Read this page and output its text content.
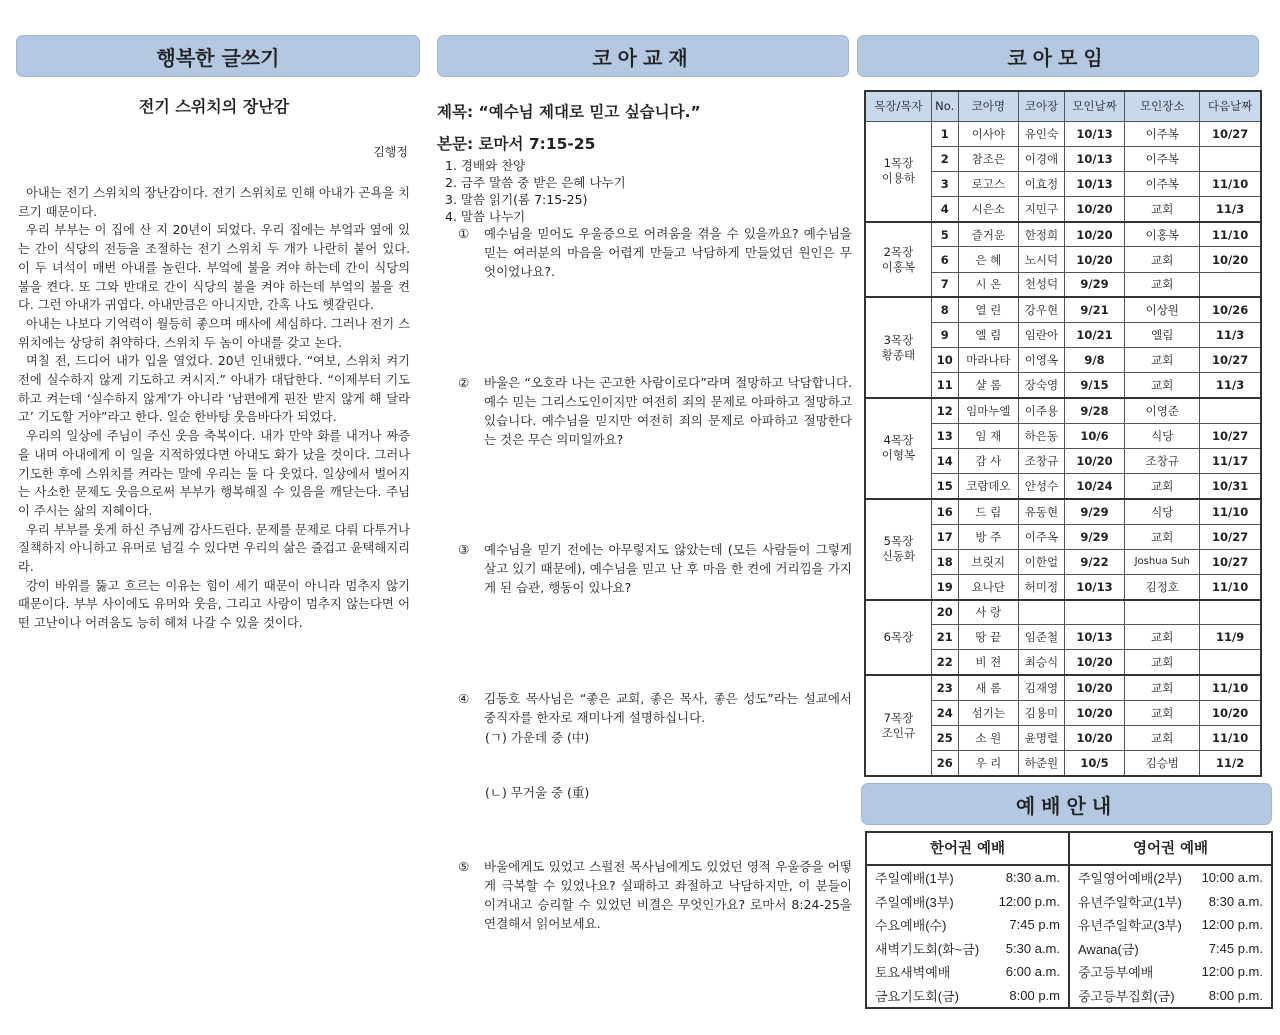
행복한 글쓰기	코아교재	코아모임
예배안내
전기 스위치의 장난감
김행정

아내는 전기 스위치의 장난감이다. 전기 스위치로 인해 아내가 곤욕을 치르기 때문이다.

우리 부부는 이 집에 산 지 20년이 되었다. 우리 집에는 부엌과 옆에 있는 간이 식당의 전등을 조절하는 전기 스위치 두 개가 나란히 붙어 있다. 이 두 녀석이 매번 아내를 놀린다. 부엌에 불을 켜야 하는데 간이 식당의 불을 켠다. 또 그와 반대로 간이 식당의 불을 켜야 하는데 부엌의 불을 켠다. 그런 아내가 귀엽다. 아내만큼은 아니지만, 간혹 나도 헷갈린다.

아내는 나보다 기억력이 월등히 좋으며 매사에 세심하다. 그러나 전기 스위치에는 상당히 취약하다. 스위치 두 놈이 아내를 갖고 논다.

며칠 전, 드디어 내가 입을 열었다. 20년 인내했다. “여보, 스위치 켜기 전에 실수하지 않게 기도하고 켜시지.” 아내가 대답한다. “이제부터 기도하고 켜는데 ‘실수하지 않게’가 아니라 ‘남편에게 핀잔 받지 않게 해 달라고’ 기도할 거야”라고 한다. 일순 한바탕 웃음바다가 되었다.

우리의 일상에 주님이 주신 웃음 축복이다. 내가 만약 화를 내거나 짜증을 내며 아내에게 이 일을 지적하였다면 아내도 화가 났을 것이다. 그러나 기도한 후에 스위치를 켜라는 말에 우리는 둘 다 웃었다. 일상에서 벌어지는 사소한 문제도 웃음으로써 부부가 행복해질 수 있음을 깨닫는다. 주님이 주시는 삶의 지혜이다.

우리 부부를 웃게 하신 주님께 감사드린다. 문제를 문제로 다뤄 다투거나 질책하지 아니하고 유머로 넘길 수 있다면 우리의 삶은 즐겁고 윤택해지리라.

강이 바위를 뚫고 흐르는 이유는 힘이 세기 때문이 아니라 멈추지 않기 때문이다. 부부 사이에도 유머와 웃음, 그리고 사랑이 멈추지 않는다면 어떤 고난이나 어려움도 능히 헤쳐 나갈 수 있을 것이다.

제목: “예수님 제대로 믿고 싶습니다.”
본문: 로마서 7:15-25
1. 경배와 찬양
2. 금주 말씀 중 받은 은혜 나누기
3. 말씀 읽기(롬 7:15-25)
4. 말씀 나누기
①	예수님을 믿어도 우울증으로 어려움을 겪을 수 있을까요? 예수님을 믿는 여러분의 마음을 어렵게 만들고 낙담하게 만들었던 원인은 무엇이었나요?.
②	바울은 “오호라 나는 곤고한 사람이로다”라며 절망하고 낙담합니다. 예수 믿는 그리스도인이지만 여전히 죄의 문제로 아파하고 절망하고 있습니다. 예수님을 믿지만 여전히 죄의 문제로 아파하고 절망한다는 것은 무슨 의미일까요?
③	예수님을 믿기 전에는 아무렇지도 않았는데 (모든 사람들이 그렇게 살고 있기 때문에), 예수님을 믿고 난 후 마음 한 켠에 거리낌을 가지게 된 습관, 행동이 있나요?
④	김동호 목사님은 “좋은 교회, 좋은 목사, 좋은 성도”라는 설교에서 중직자를 한자로 재미나게 설명하십니다.
(ㄱ) 가운데 중 (中)
(ㄴ) 무거울 중 (重)
⑤	바울에게도 있었고 스펄전 목사님에게도 있었던 영적 우울증을 어떻게 극복할 수 있었나요? 실패하고 좌절하고 낙담하지만, 이 분들이 이겨내고 승리할 수 있었던 비결은 무엇인가요? 로마서 8:24-25을 연결해서 읽어보세요.
목장/목자	No.	코아명	코아장	모인날짜	모인장소	다음날짜

1목장
이용하	1	이사야	유인숙	10/13	이주복	10/27
	2	참조은	이경애	10/13	이주복	
	3	로고스	이효정	10/13	이주복	11/10
	4	시은소	지민구	10/20	교회	11/3

2목장
이홍복	5	즐거운	한정희	10/20	이홍복	11/10
	6	은 혜	노시덕	10/20	교회	10/20
	7	시 온	천성덕	9/29	교회	

3목장
황종태	8	열 린	강우현	9/21	이상원	10/26
	9	엘 림	임란아	10/21	엘림	11/3
	10	마라나타	이영옥	9/8	교회	10/27
	11	샬 롬	장숙영	9/15	교회	11/3

4목장
이형복	12	임마누엘	이주용	9/28	이영준	
	13	임 재	하은동	10/6	식당	10/27
	14	감 사	조창규	10/20	조창규	11/17
	15	코람데오	안성수	10/24	교회	10/31

5목장
신동화	16	드 림	유동현	9/29	식당	11/10
	17	방 주	이주옥	9/29	교회	10/27
	18	브릿지	이한얼	9/22	Joshua Suh	10/27
	19	요나단	허미정	10/13	김정호	11/10

6목장	20	사 랑				
	21	땅 끝	임준철	10/13	교회	11/9
	22	비 젼	최승식	10/20	교회	

7목장
조인규	23	새 롬	김재영	10/20	교회	11/10
	24	섬기는	김용미	10/20	교회	10/20
	25	소 원	윤명렬	10/20	교회	11/10
	26	우 리	하준원	10/5	김승범	11/2
한어권 예배
주일예배(1부)	8:30 a.m.
주일예배(3부)	12:00 p.m.
수요예배(수)	7:45 p.m
새벽기도회(화~금) 5:30 a.m.
토요새벽예배	6:00 a.m.
금요기도회(금)	8:00 p.m
영어권 예배
주일영어예배(2부) 10:00 a.m.
유년주일학교(1부) 8:30 a.m.
유년주일학교(3부) 12:00 p.m.
Awana(금)	7:45 p.m.
중고등부예배	12:00 p.m.
중고등부집회(금)	8:00 p.m.
